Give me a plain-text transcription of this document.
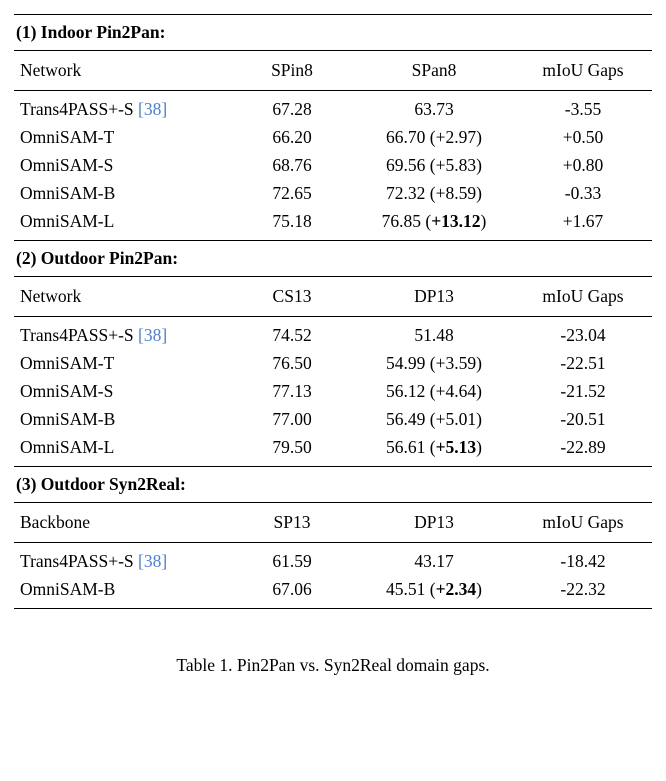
(1) Indoor Pin2Pan:			

Network	SPin8	SPan8	mIoU Gaps

Trans4PASS+-S [38]	67.28	63.73	-3.55
OmniSAM-T	66.20	66.70 (+2.97)	+0.50
OmniSAM-S	68.76	69.56 (+5.83)	+0.80
OmniSAM-B	72.65	72.32 (+8.59)	-0.33
OmniSAM-L	75.18	76.85 (+13.12)	+1.67

(2) Outdoor Pin2Pan:			

Network	CS13	DP13	mIoU Gaps

Trans4PASS+-S [38]	74.52	51.48	-23.04
OmniSAM-T	76.50	54.99 (+3.59)	-22.51
OmniSAM-S	77.13	56.12 (+4.64)	-21.52
OmniSAM-B	77.00	56.49 (+5.01)	-20.51
OmniSAM-L	79.50	56.61 (+5.13)	-22.89

(3) Outdoor Syn2Real:			

Backbone	SP13	DP13	mIoU Gaps

Trans4PASS+-S [38]	61.59	43.17	-18.42
OmniSAM-B	67.06	45.51 (+2.34)	-22.32

Table 1. Pin2Pan vs. Syn2Real domain gaps.
